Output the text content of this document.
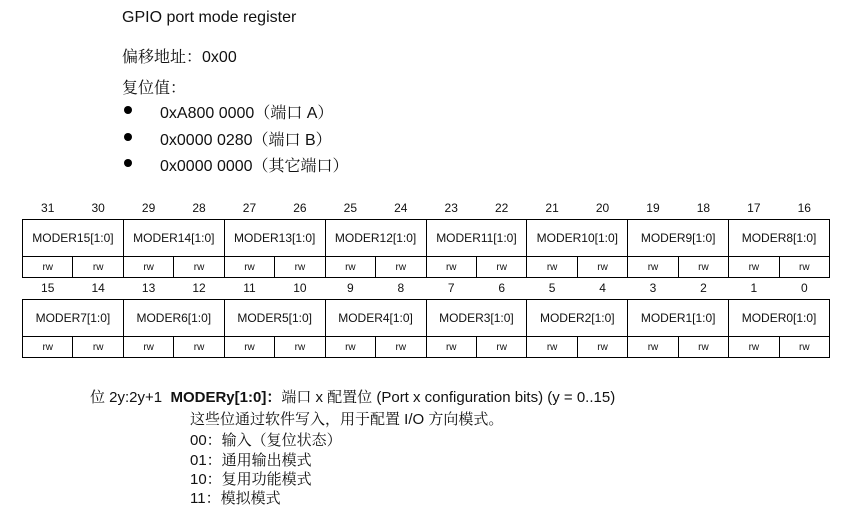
GPIO port mode register
偏移地址：0x00
复位值：
0xA800 0000（端口 A）
0x0000 0280（端口 B）
0x0000 0000（其它端口）
31	30	29	28	27	26	25	24	23	22	21	20	19	18	17	16
MODER15[1:0]		MODER14[1:0]		MODER13[1:0]		MODER12[1:0]		MODER11[1:0]		MODER10[1:0]		MODER9[1:0]		MODER8[1:0]	
rw	rw	rw	rw	rw	rw	rw	rw	rw	rw	rw	rw	rw	rw	rw	rw
15	14	13	12	11	10	9	8	7	6	5	4	3	2	1	0
MODER7[1:0]		MODER6[1:0]		MODER5[1:0]		MODER4[1:0]		MODER3[1:0]		MODER2[1:0]		MODER1[1:0]		MODER0[1:0]	
rw	rw	rw	rw	rw	rw	rw	rw	rw	rw	rw	rw	rw	rw	rw	rw
位 2y:2y+1 MODERy[1:0]：端口 x 配置位 (Port x configuration bits) (y = 0..15)
这些位通过软件写入，用于配置 I/O 方向模式。
00：输入（复位状态）
01：通用输出模式
10：复用功能模式
11：模拟模式
